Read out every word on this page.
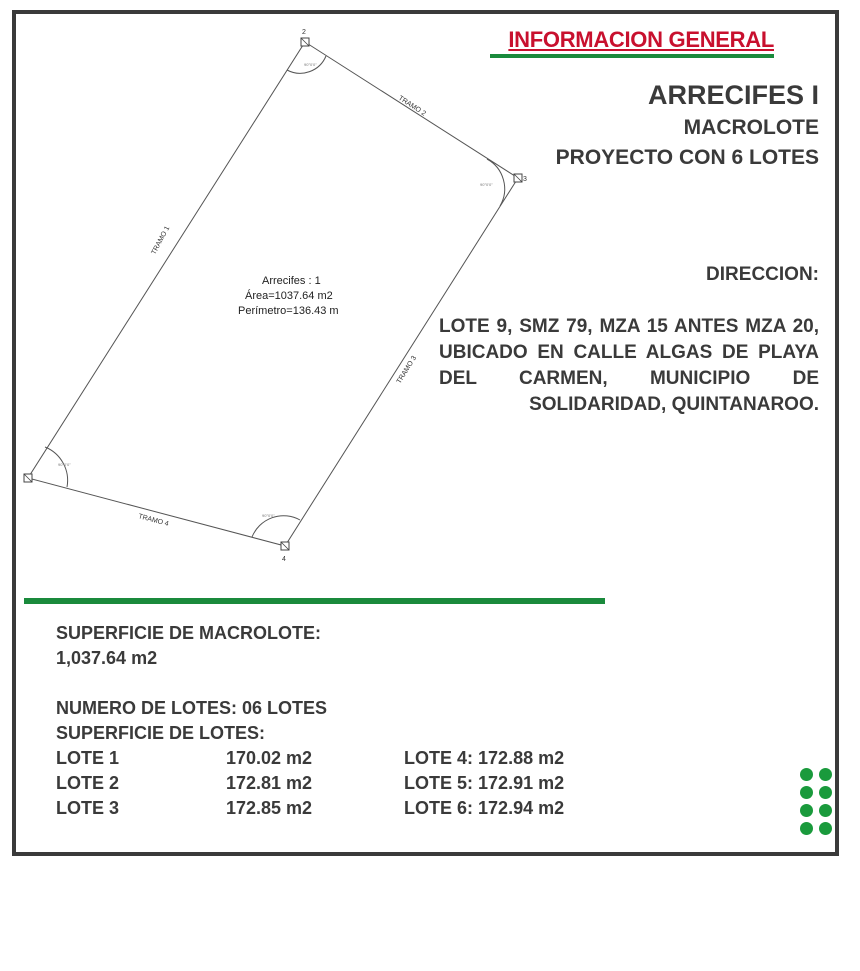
90°0'0"
90°0'0"
90°0'0"
90°0'0"
2
3
4
TRAMO 1
TRAMO 2
TRAMO 3
TRAMO 4
Arrecifes : 1
Área=1037.64 m2
Perímetro=136.43 m
INFORMACION GENERAL
ARRECIFES I
MACROLOTE
PROYECTO CON 6 LOTES
DIRECCION:
LOTE 9, SMZ 79, MZA 15 ANTES MZA 20, UBICADO EN CALLE ALGAS DE PLAYA DEL CARMEN, MUNICIPIO DE SOLIDARIDAD, QUINTANAROO.
SUPERFICIE DE MACROLOTE:
1,037.64 m2
NUMERO DE LOTES: 06 LOTES
SUPERFICIE DE LOTES:
LOTE 1	170.02 m2	LOTE 4: 172.88 m2
LOTE 2	172.81 m2	LOTE 5: 172.91 m2
LOTE 3	172.85 m2	LOTE 6: 172.94 m2
